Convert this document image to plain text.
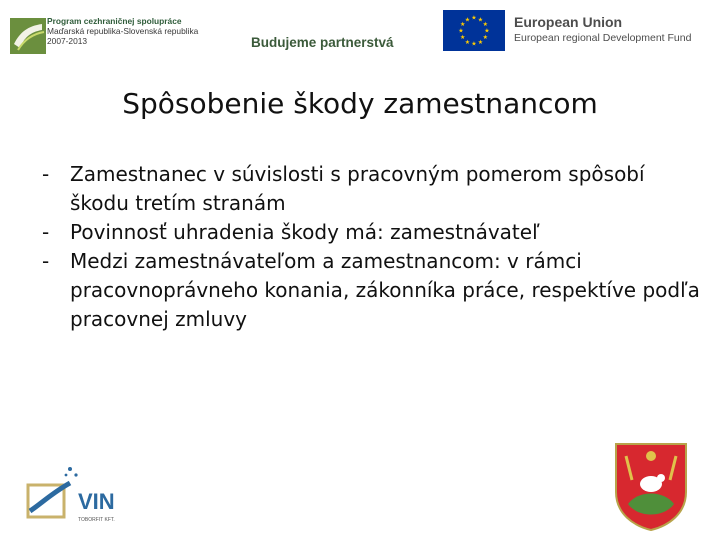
Program cezhraničnej spolupráce
Maďarská republika-Slovenská republika
2007-2013	Budujeme partnerstvá
★ ★
★
★
★
★
★
★
★
★
★
★	European Union
European regional Development Fund
Spôsobenie škody zamestnancom
- Zamestnanec v súvislosti s pracovným pomerom spôsobí škodu tretím stranám
- Povinnosť uhradenia škody má: zamestnávateľ
- Medzi zamestnávateľom a zamestnancom: v rámci pracovnoprávneho konania, zákonníka práce, respektíve podľa pracovnej zmluvy
VIN
TOBORFIT KFT.
